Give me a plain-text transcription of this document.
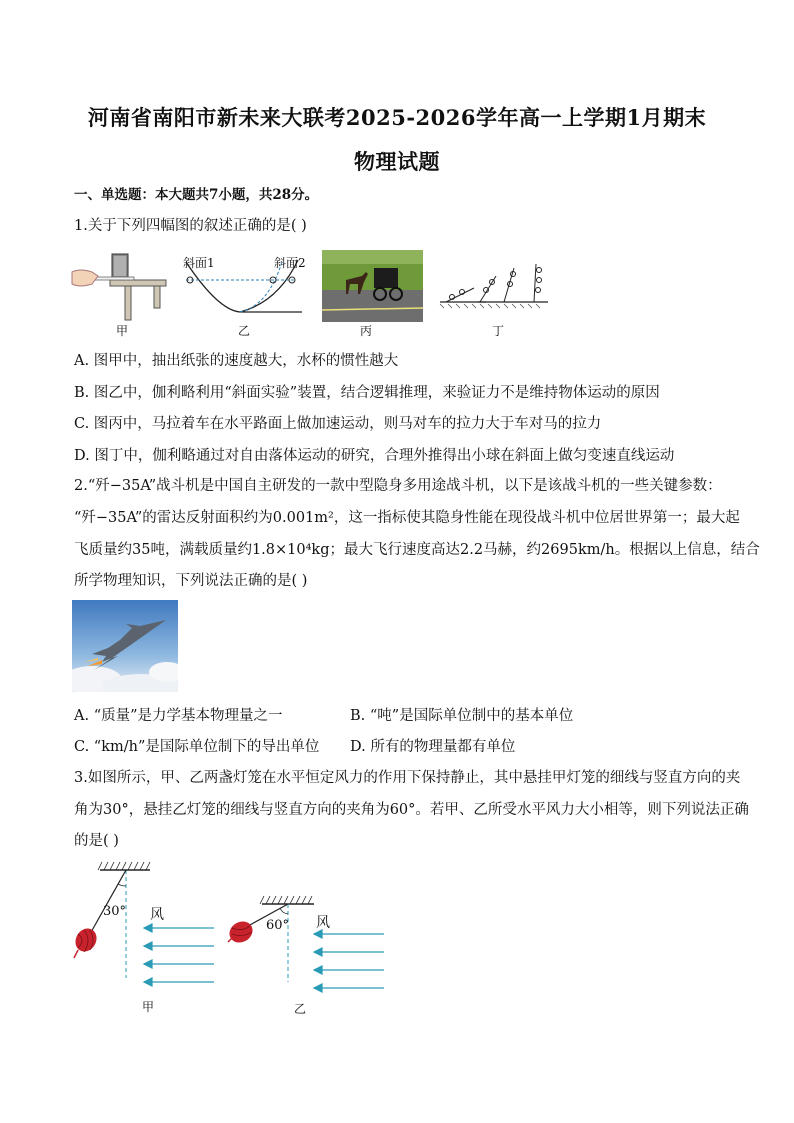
河南省南阳市新未来大联考2025-2026学年高一上学期1月期末
物理试题
一、单选题：本大题共7小题，共28分。
1.关于下列四幅图的叙述正确的是( )
甲
斜面1	斜面2
乙	丙	丁
A. 图甲中，抽出纸张的速度越大，水杯的惯性越大
B. 图乙中，伽利略利用“斜面实验”装置，结合逻辑推理，来验证力不是维持物体运动的原因
C. 图丙中，马拉着车在水平路面上做加速运动，则马对车的拉力大于车对马的拉力
D. 图丁中，伽利略通过对自由落体运动的研究，合理外推得出小球在斜面上做匀变速直线运动
2.“歼−35A”战斗机是中国自主研发的一款中型隐身多用途战斗机，以下是该战斗机的一些关键参数：
“歼−35A”的雷达反射面积约为0.001m²，这一指标使其隐身性能在现役战斗机中位居世界第一；最大起
飞质量约35吨，满载质量约1.8×10⁴kg；最大飞行速度高达2.2马赫，约2695km/h。根据以上信息，结合
所学物理知识，下列说法正确的是( )
A. “质量”是力学基本物理量之一	B. “吨”是国际单位制中的基本单位
C. “km/h”是国际单位制下的导出单位 D. 所有的物理量都有单位
3.如图所示，甲、乙两盏灯笼在水平恒定风力的作用下保持静止，其中悬挂甲灯笼的细线与竖直方向的夹
角为30°，悬挂乙灯笼的细线与竖直方向的夹角为60°。若甲、乙所受水平风力大小相等，则下列说法正确
的是( )
30° 风
甲
60° 风
乙
